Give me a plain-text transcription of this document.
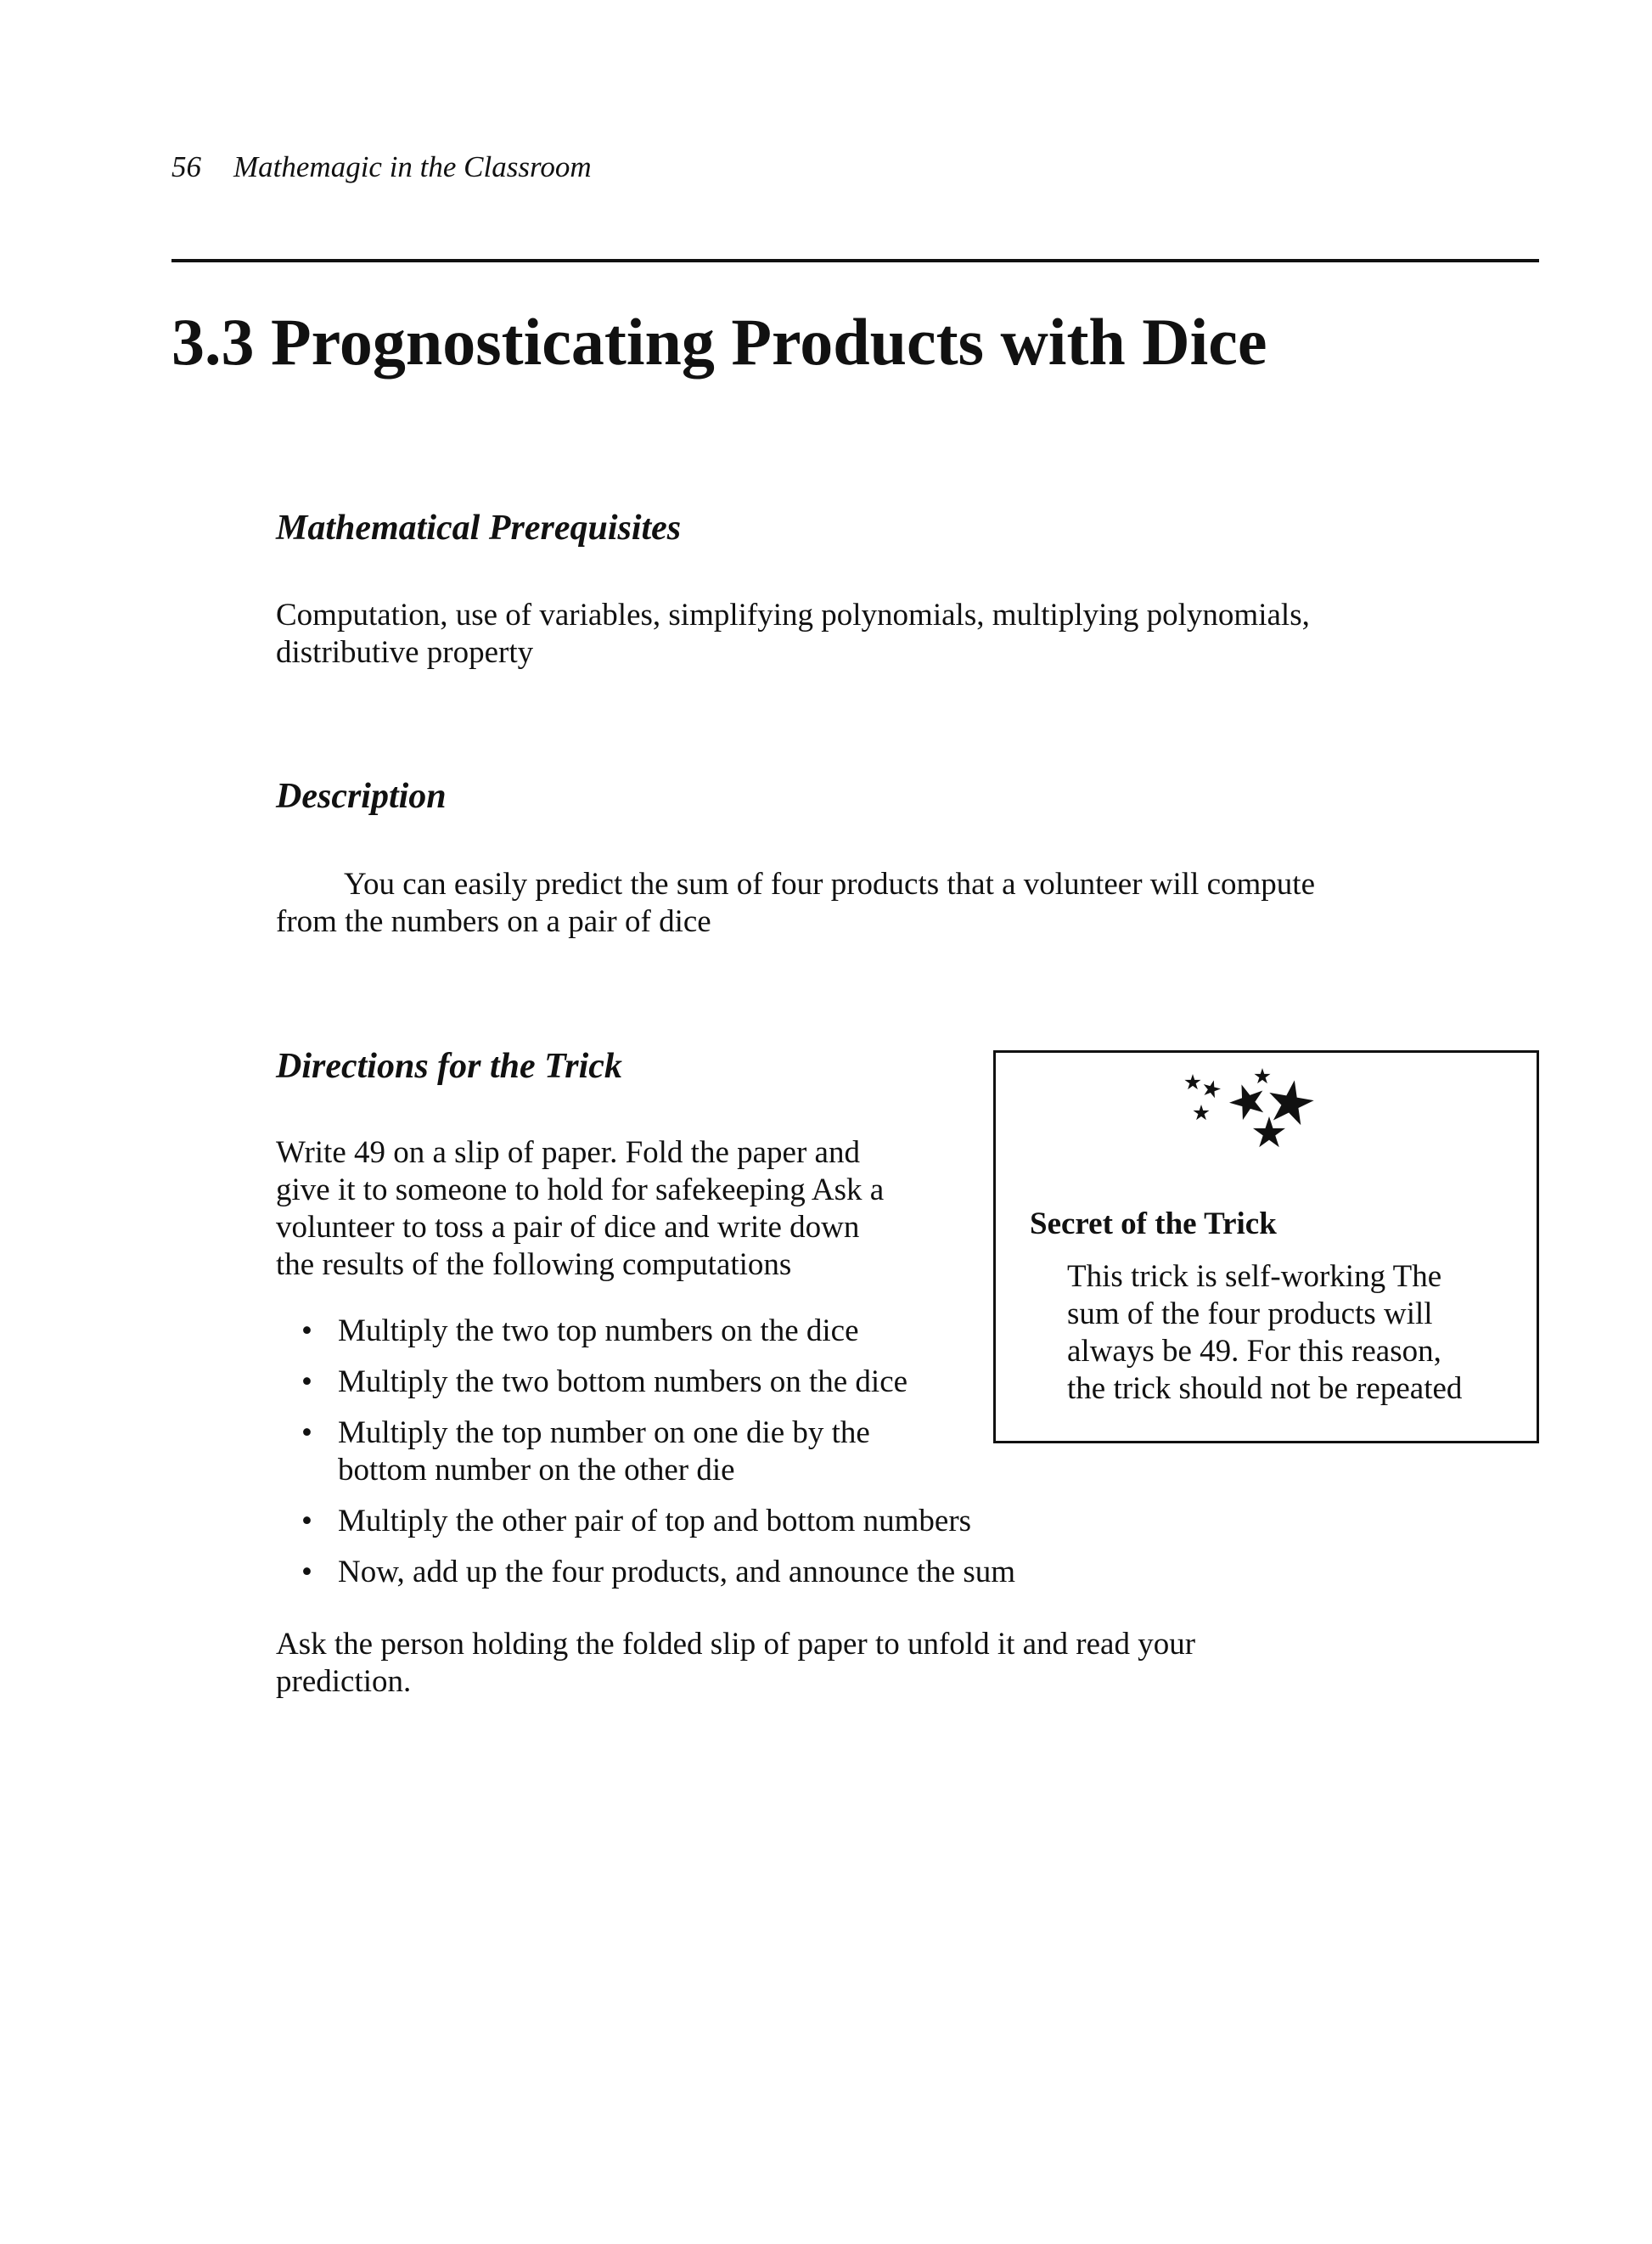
56 Mathemagic in the Classroom
3.3 Prognosticating Products with Dice
Mathematical Prerequisites
Computation, use of variables, simplifying polynomials, multiplying polynomials,
distributive property
Description
You can easily predict the sum of four products that a volunteer will compute
from the numbers on a pair of dice
Directions for the Trick
Write 49 on a slip of paper. Fold the paper and
give it to someone to hold for safekeeping Ask a
volunteer to toss a pair of dice and write down
the results of the following computations
• Multiply the two top numbers on the dice
• Multiply the two bottom numbers on the dice
• Multiply the top number on one die by the
bottom number on the other die
• Multiply the other pair of top and bottom numbers
• Now, add up the four products, and announce the sum
Ask the person holding the folded slip of paper to unfold it and read your
prediction.
Secret of the Trick
This trick is self-working The
sum of the four products will
always be 49. For this reason,
the trick should not be repeated
